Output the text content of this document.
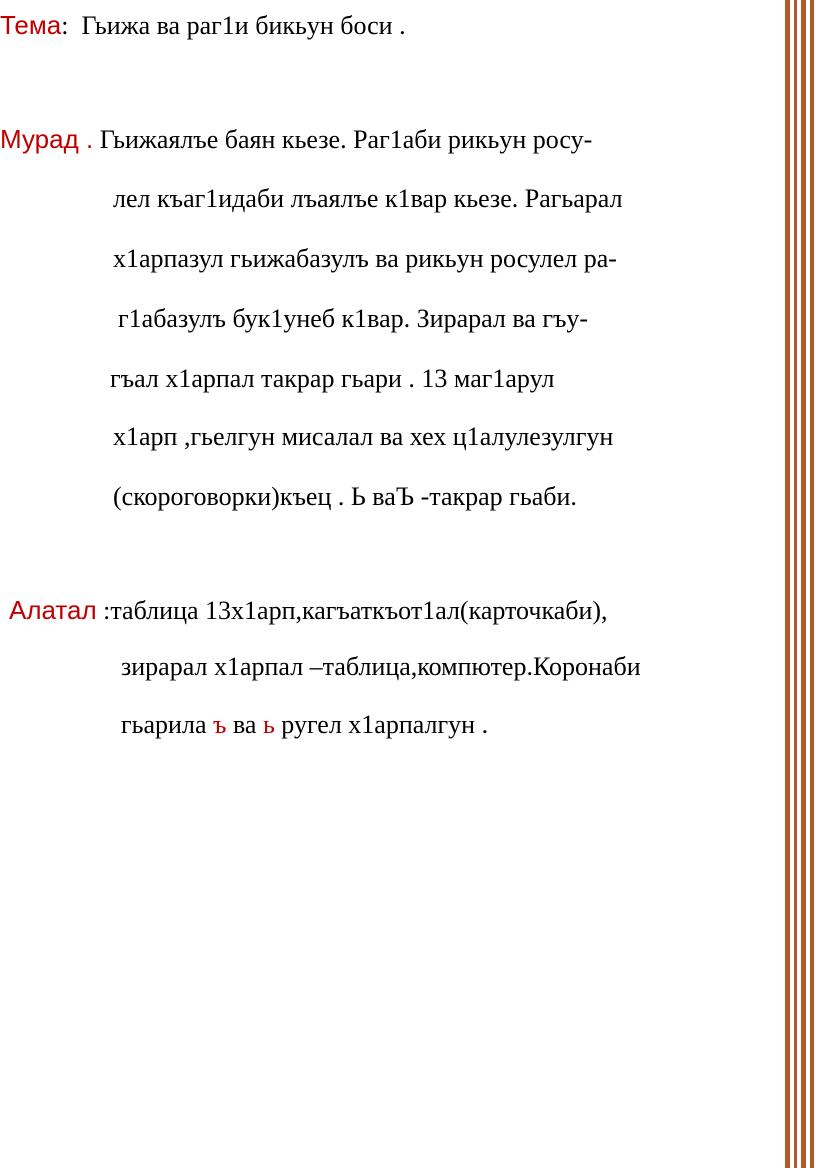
Тема: Гьижа ва раг1и бикьун боси .
Мурад . Гьижаялъе баян кьезе. Раг1аби рикьун росу-
лел къаг1идаби лъаялъе к1вар кьезе. Рагьарал
х1арпазул гьижабазулъ ва рикьун росулел ра-
г1абазулъ бук1унеб к1вар. Зирарал ва гъу-
гъал х1арпал такрар гьари . 13 маг1арул
х1арп ,гьелгун мисалал ва хех ц1алулезулгун
(скороговорки)къец . Ь ваЪ -такрар гьаби.
Алатал :таблица 13х1арп,кагъаткъот1ал(карточкаби),
зирарал х1арпал –таблица,компютер.Коронаби
гьарила ъ ва ь ругел х1арпалгун .
